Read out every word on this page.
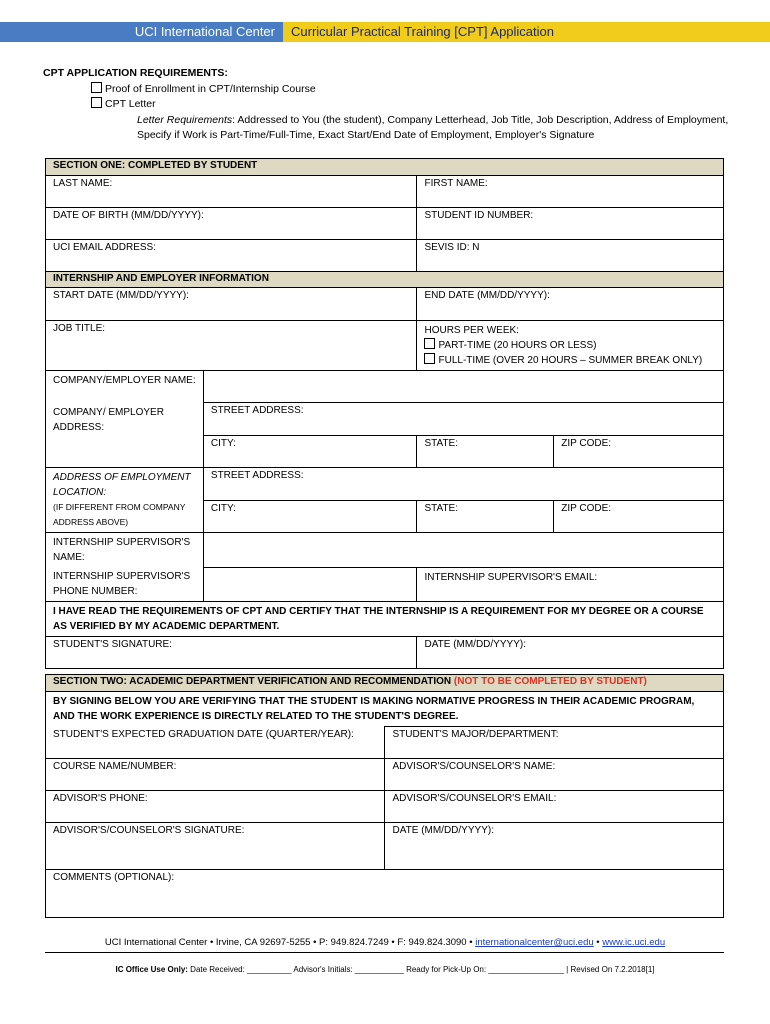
UCI International Center	Curricular Practical Training [CPT] Application
CPT APPLICATION REQUIREMENTS:
Proof of Enrollment in CPT/Internship Course
CPT Letter
Letter Requirements: Addressed to You (the student), Company Letterhead, Job Title, Job Description, Address of Employment, Specify if Work is Part-Time/Full-Time, Exact Start/End Date of Employment, Employer's Signature
SECTION ONE: COMPLETED BY STUDENT			
LAST NAME:		FIRST NAME:	
DATE OF BIRTH (MM/DD/YYYY):		STUDENT ID NUMBER:	
UCI EMAIL ADDRESS:		SEVIS ID: N	
INTERNSHIP AND EMPLOYER INFORMATION			
START DATE (MM/DD/YYYY):		END DATE (MM/DD/YYYY):	
JOB TITLE:		HOURS PER WEEK:
PART-TIME (20 HOURS OR LESS)
FULL-TIME (OVER 20 HOURS – SUMMER BREAK ONLY)	

COMPANY/EMPLOYER NAME:			
COMPANY/ EMPLOYER ADDRESS:	STREET ADDRESS:		
	CITY:	STATE:	ZIP CODE:

ADDRESS OF EMPLOYMENT LOCATION:
(IF DIFFERENT FROM COMPANY ADDRESS ABOVE)	STREET ADDRESS:		
	CITY:	STATE:	ZIP CODE:
INTERNSHIP SUPERVISOR'S NAME:			
INTERNSHIP SUPERVISOR'S PHONE NUMBER:		INTERNSHIP SUPERVISOR'S EMAIL:	
I HAVE READ THE REQUIREMENTS OF CPT AND CERTIFY THAT THE INTERNSHIP IS A REQUIREMENT FOR MY DEGREE OR A COURSE AS VERIFIED BY MY ACADEMIC DEPARTMENT.			
STUDENT'S SIGNATURE:		DATE (MM/DD/YYYY):	
SECTION TWO: ACADEMIC DEPARTMENT VERIFICATION AND RECOMMENDATION (NOT TO BE COMPLETED BY STUDENT)	
BY SIGNING BELOW YOU ARE VERIFYING THAT THE STUDENT IS MAKING NORMATIVE PROGRESS IN THEIR ACADEMIC PROGRAM, AND THE WORK EXPERIENCE IS DIRECTLY RELATED TO THE STUDENT'S DEGREE.	
STUDENT'S EXPECTED GRADUATION DATE (QUARTER/YEAR):	STUDENT'S MAJOR/DEPARTMENT:
COURSE NAME/NUMBER:	ADVISOR'S/COUNSELOR'S NAME:
ADVISOR'S PHONE:	ADVISOR'S/COUNSELOR'S EMAIL:
ADVISOR'S/COUNSELOR'S SIGNATURE:	DATE (MM/DD/YYYY):
COMMENTS (OPTIONAL):	
UCI International Center • Irvine, CA 92697-5255 • P: 949.824.7249 • F: 949.824.3090 • internationalcenter@uci.edu • www.ic.uci.edu
IC Office Use Only: Date Received: __________ Advisor's Initials: ___________ Ready for Pick-Up On: _________________ | Revised On 7.2.2018[1]
